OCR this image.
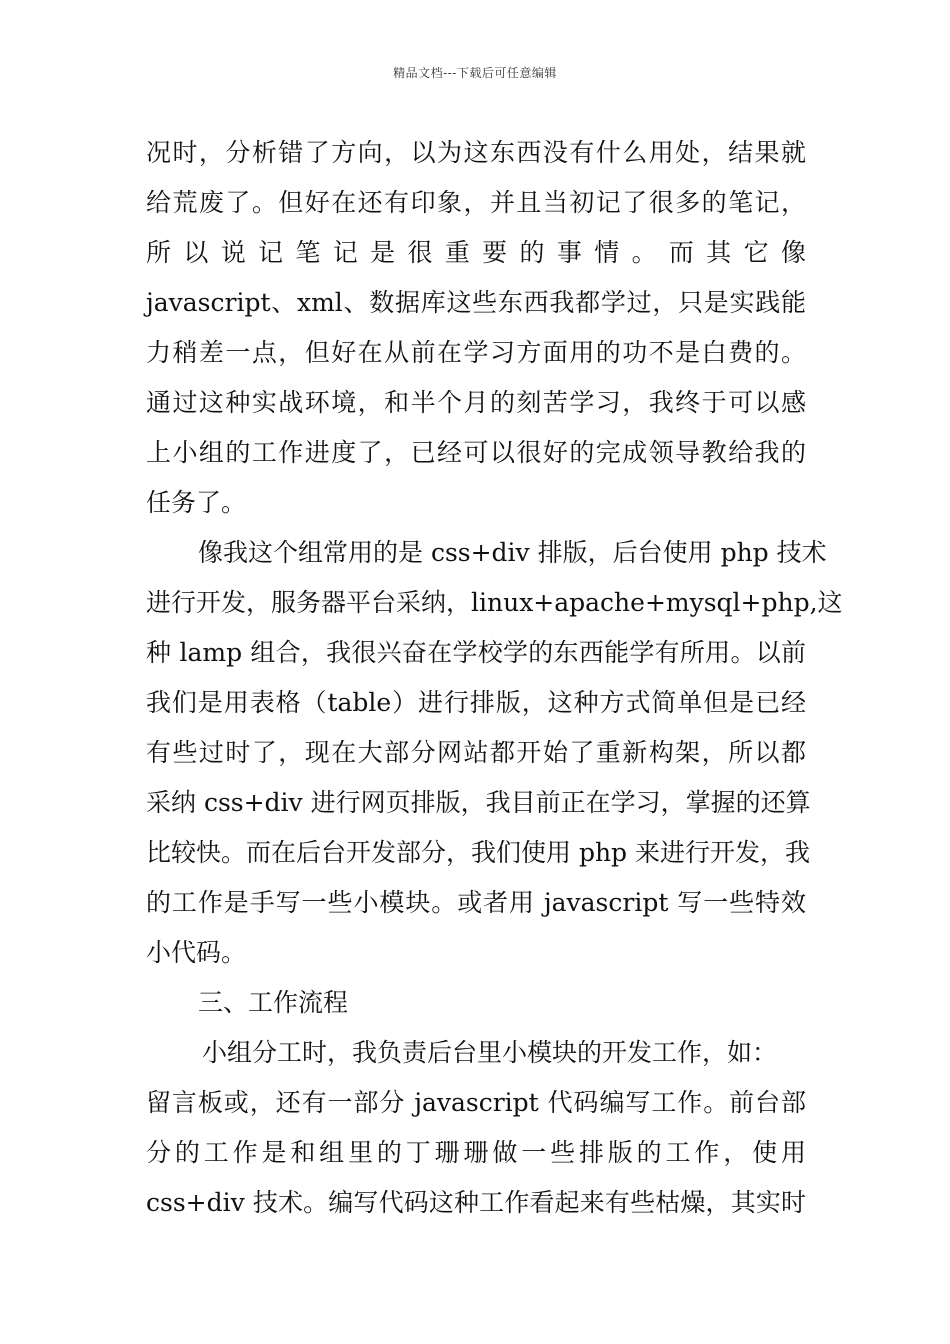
精品文档---下载后可任意编辑
况时，分析错了方向，以为这东西没有什么用处，结果就
给荒废了。但好在还有印象，并且当初记了很多的笔记，
所以说记笔记是很重要的事情。而其它像
javascript、xml、数据库这些东西我都学过，只是实践能
力稍差一点，但好在从前在学习方面用的功不是白费的。
通过这种实战环境，和半个月的刻苦学习，我终于可以感
上小组的工作进度了，已经可以很好的完成领导教给我的
任务了。
像我这个组常用的是 css+div 排版，后台使用 php 技术
进行开发，服务器平台采纳，linux+apache+mysql+php,这
种 lamp 组合，我很兴奋在学校学的东西能学有所用。以前
我们是用表格（table）进行排版，这种方式简单但是已经
有些过时了，现在大部分网站都开始了重新构架，所以都
采纳 css+div 进行网页排版，我目前正在学习，掌握的还算
比较快。而在后台开发部分，我们使用 php 来进行开发，我
的工作是手写一些小模块。或者用 javascript 写一些特效
小代码。
三、工作流程
小组分工时，我负责后台里小模块的开发工作，如：
留言板或，还有一部分 javascript 代码编写工作。前台部
分的工作是和组里的丁珊珊做一些排版的工作，使用
css+div 技术。编写代码这种工作看起来有些枯燥，其实时
